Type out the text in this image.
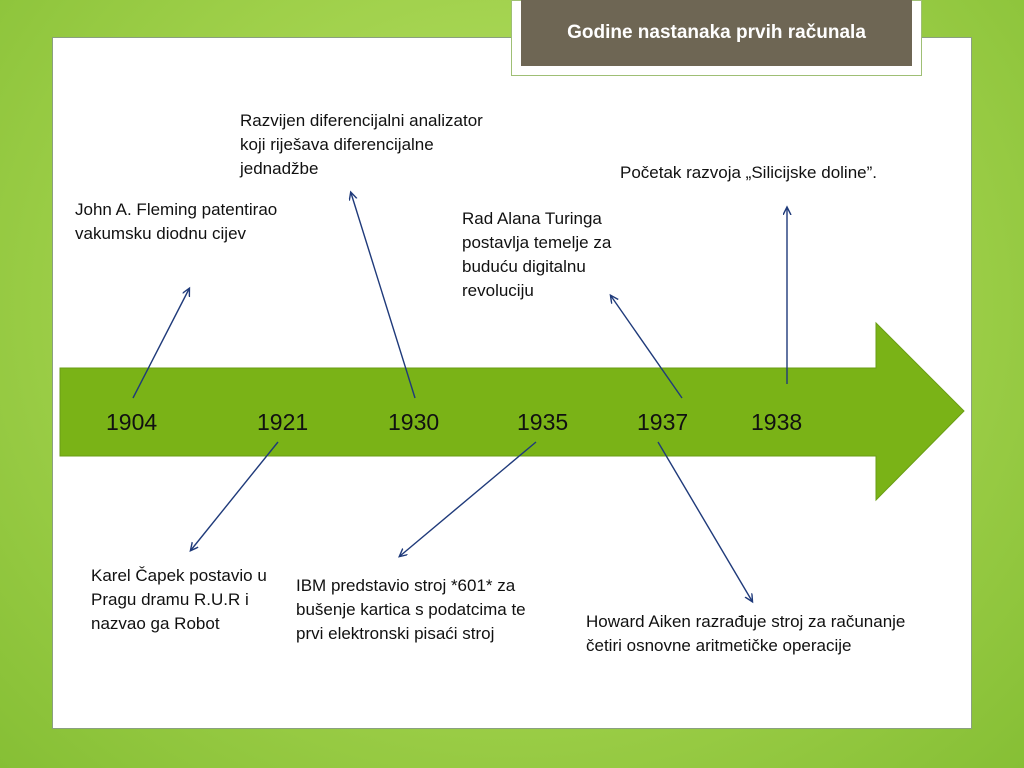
Godine nastanaka prvih računala
1904	1921	1930	1935	1937	1938
John A. Fleming patentirao vakumsku diodnu cijev
Karel Čapek postavio u Pragu dramu R.U.R i nazvao ga Robot
Razvijen diferencijalni analizator koji riješava diferencijalne jednadžbe
IBM predstavio stroj *601* za bušenje kartica s podatcima te prvi elektronski pisaći stroj
Rad Alana Turinga postavlja temelje za buduću digitalnu revoluciju
Howard Aiken razrađuje stroj za računanje četiri osnovne aritmetičke operacije
Početak razvoja „Silicijske doline”.
